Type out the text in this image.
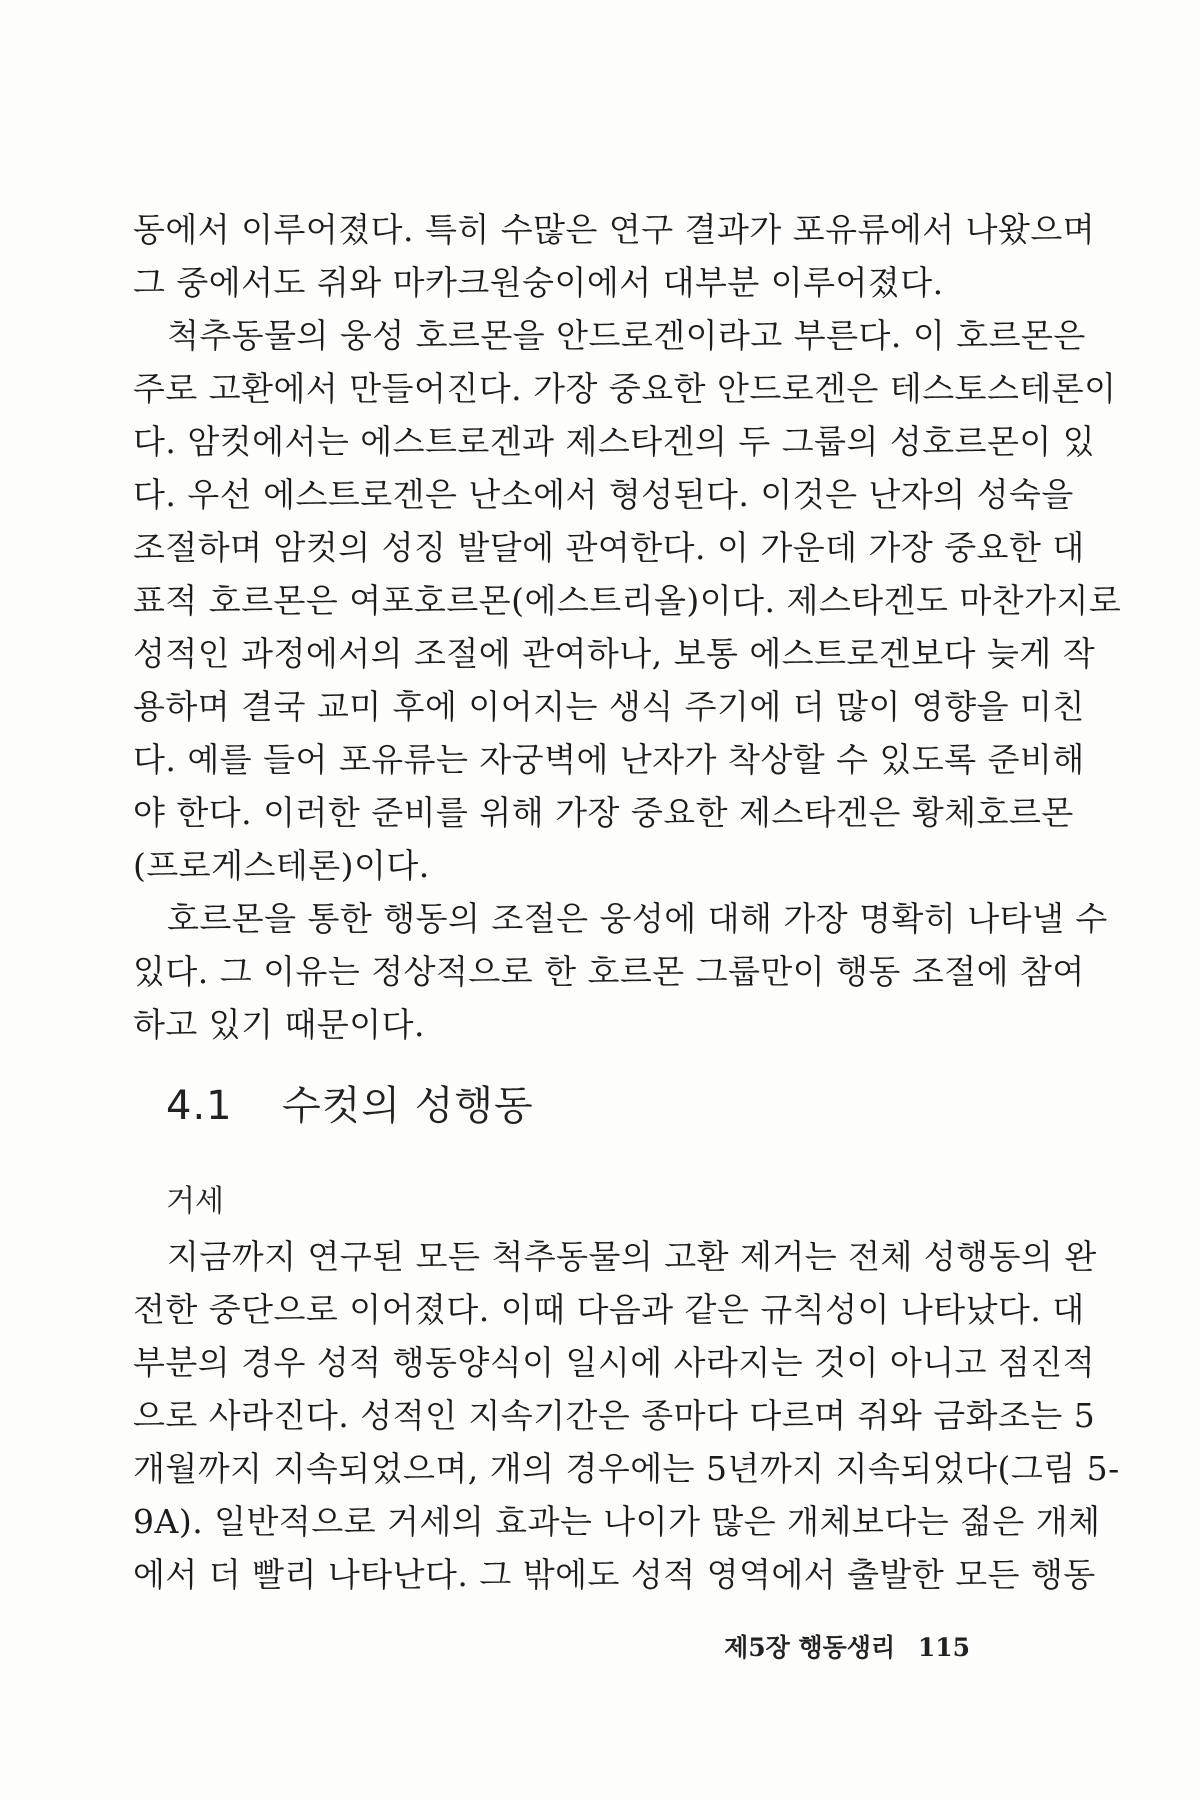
동에서 이루어졌다. 특히 수많은 연구 결과가 포유류에서 나왔으며
그 중에서도 쥐와 마카크원숭이에서 대부분 이루어졌다.
척추동물의 웅성 호르몬을 안드로겐이라고 부른다. 이 호르몬은
주로 고환에서 만들어진다. 가장 중요한 안드로겐은 테스토스테론이
다. 암컷에서는 에스트로겐과 제스타겐의 두 그룹의 성호르몬이 있
다. 우선 에스트로겐은 난소에서 형성된다. 이것은 난자의 성숙을
조절하며 암컷의 성징 발달에 관여한다. 이 가운데 가장 중요한 대
표적 호르몬은 여포호르몬(에스트리올)이다. 제스타겐도 마찬가지로
성적인 과정에서의 조절에 관여하나, 보통 에스트로겐보다 늦게 작
용하며 결국 교미 후에 이어지는 생식 주기에 더 많이 영향을 미친
다. 예를 들어 포유류는 자궁벽에 난자가 착상할 수 있도록 준비해
야 한다. 이러한 준비를 위해 가장 중요한 제스타겐은 황체호르몬
(프로게스테론)이다.
호르몬을 통한 행동의 조절은 웅성에 대해 가장 명확히 나타낼 수
있다. 그 이유는 정상적으로 한 호르몬 그룹만이 행동 조절에 참여
하고 있기 때문이다.
4.1 수컷의 성행동
거세
지금까지 연구된 모든 척추동물의 고환 제거는 전체 성행동의 완
전한 중단으로 이어졌다. 이때 다음과 같은 규칙성이 나타났다. 대
부분의 경우 성적 행동양식이 일시에 사라지는 것이 아니고 점진적
으로 사라진다. 성적인 지속기간은 종마다 다르며 쥐와 금화조는 5
개월까지 지속되었으며, 개의 경우에는 5년까지 지속되었다(그림 5-
9A). 일반적으로 거세의 효과는 나이가 많은 개체보다는 젊은 개체
에서 더 빨리 나타난다. 그 밖에도 성적 영역에서 출발한 모든 행동
제5장 행동생리 115
